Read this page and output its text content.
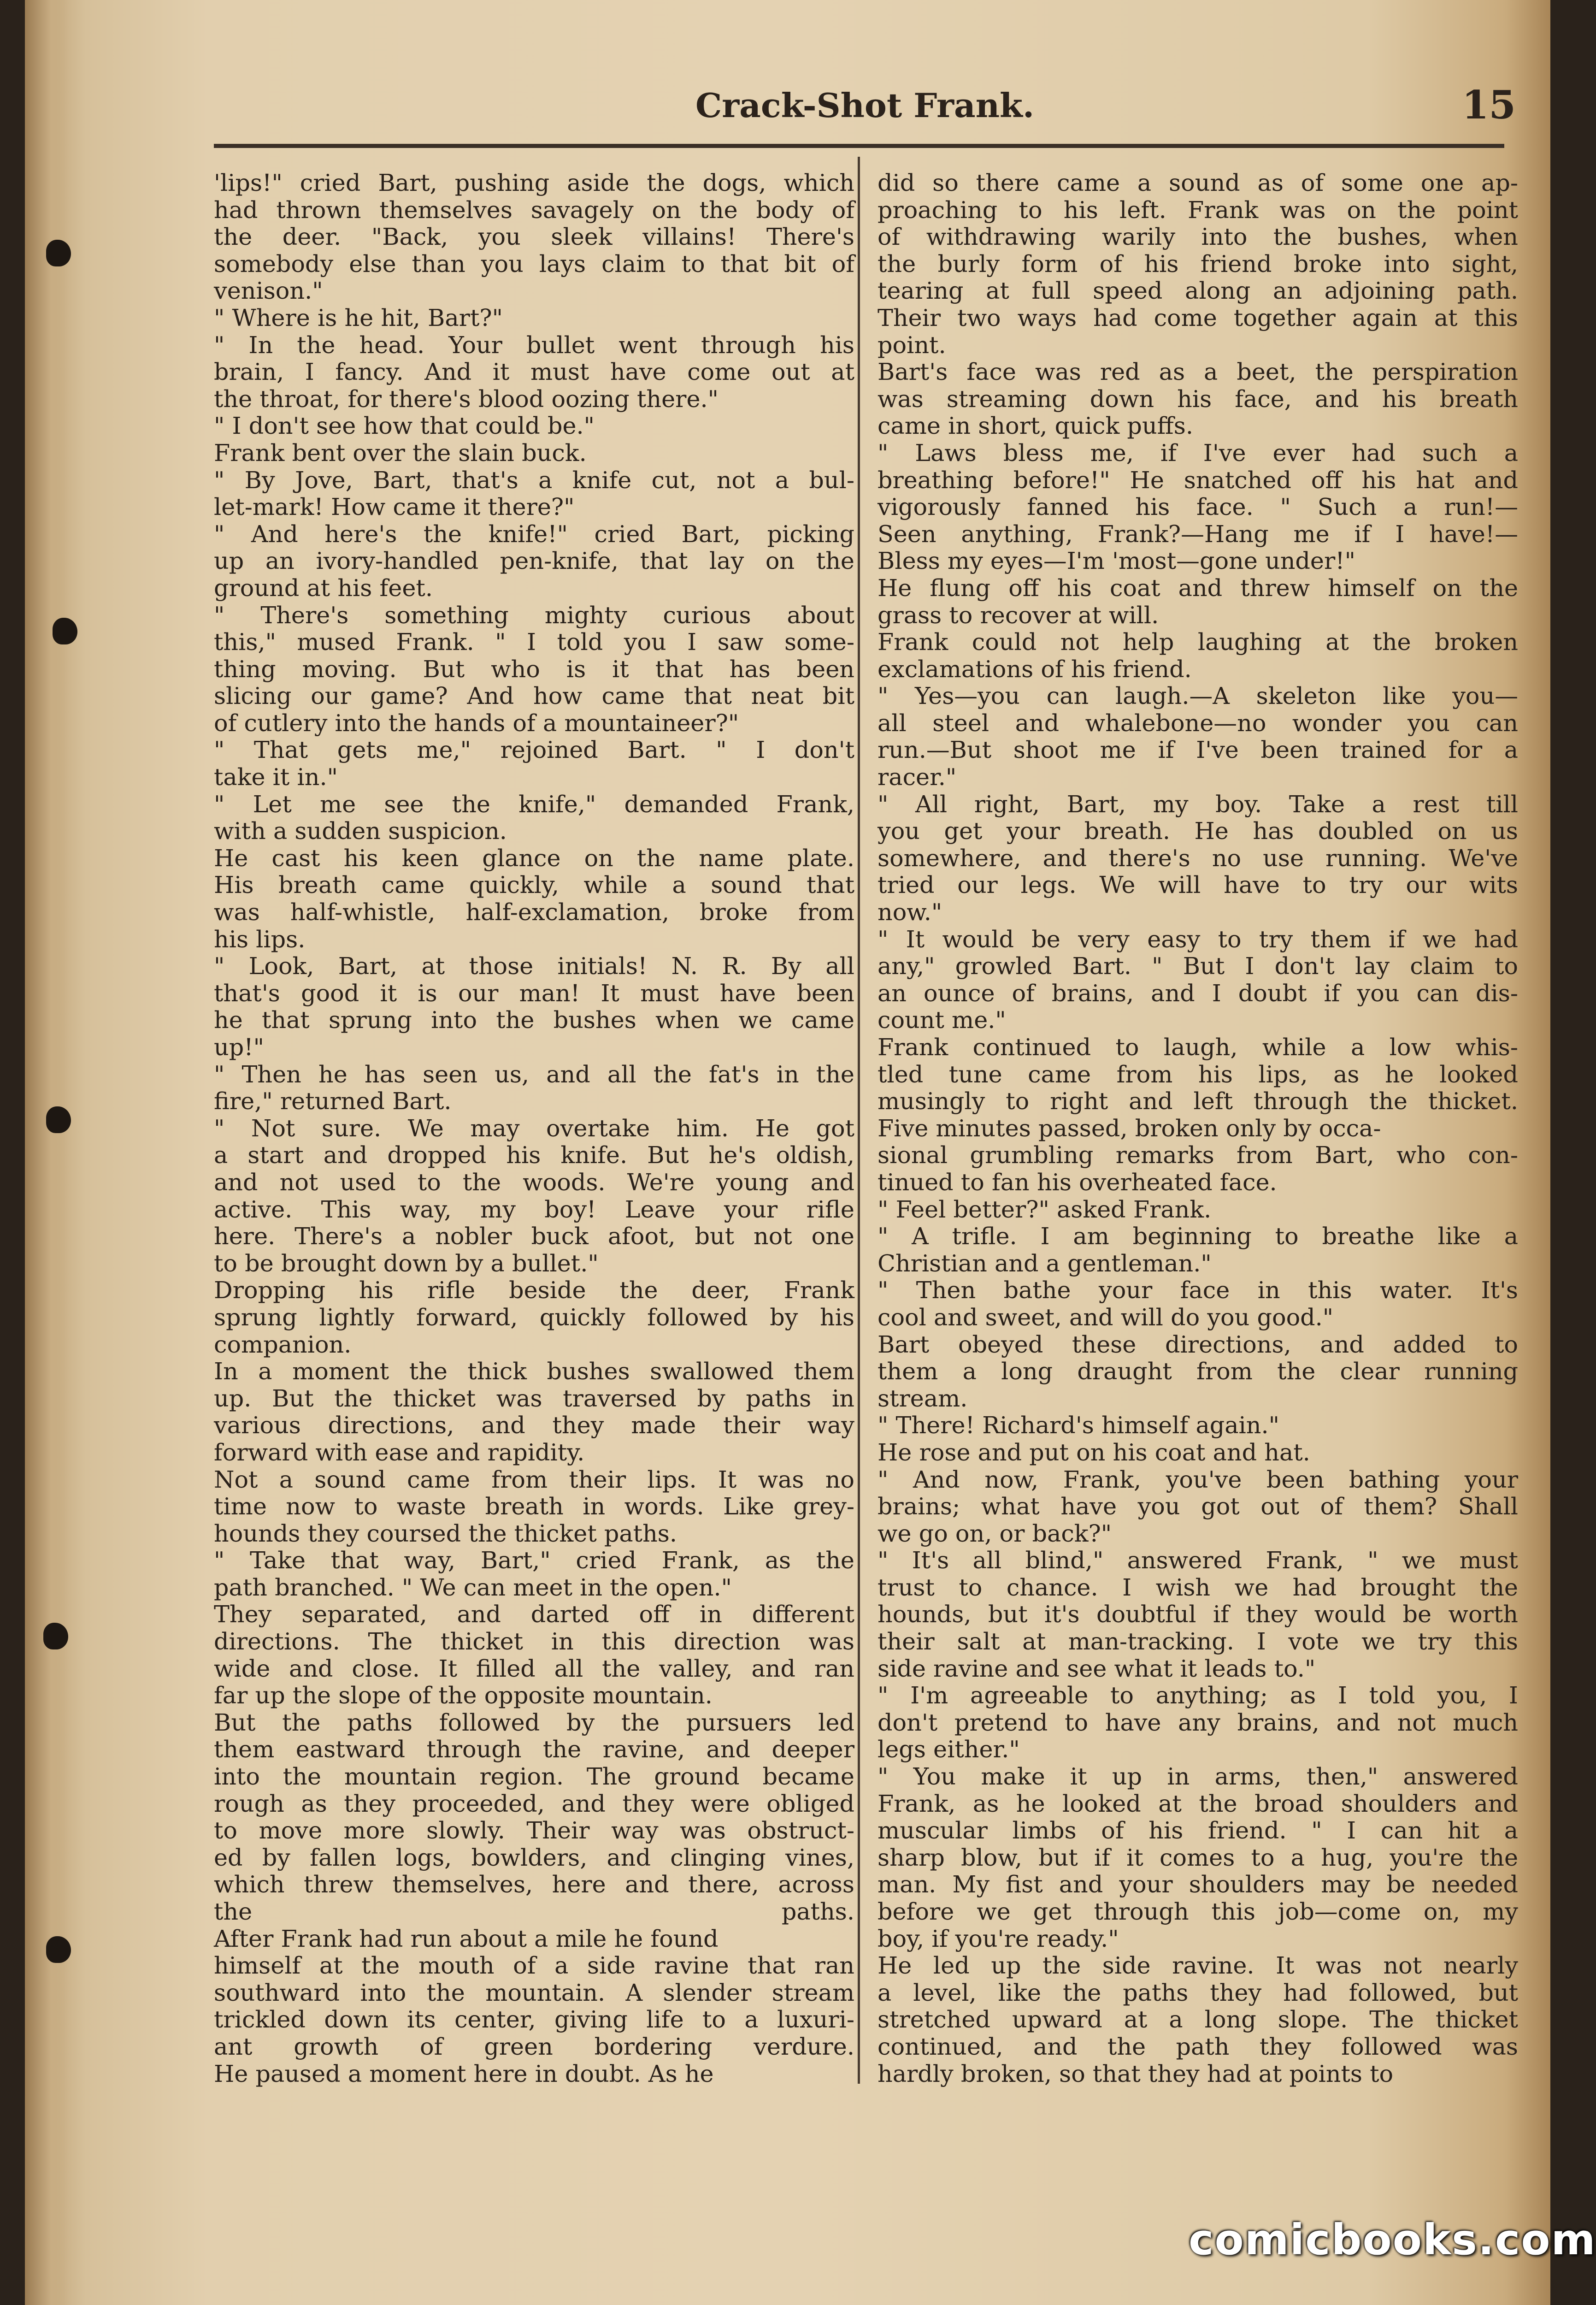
Crack-Shot Frank.	15
'lips!" cried Bart, pushing aside the dogs, which
had thrown themselves savagely on the body of
the deer. "Back, you sleek villains! There's
somebody else than you lays claim to that bit of
venison."
" Where is he hit, Bart?"
" In the head. Your bullet went through his
brain, I fancy. And it must have come out at
the throat, for there's blood oozing there."
" I don't see how that could be."
Frank bent over the slain buck.
" By Jove, Bart, that's a knife cut, not a bul-
let-mark! How came it there?"
" And here's the knife!" cried Bart, picking
up an ivory-handled pen-knife, that lay on the
ground at his feet.
" There's something mighty curious about
this," mused Frank. " I told you I saw some-
thing moving. But who is it that has been
slicing our game? And how came that neat bit
of cutlery into the hands of a mountaineer?"
" That gets me," rejoined Bart. " I don't
take it in."
" Let me see the knife," demanded Frank,
with a sudden suspicion.
He cast his keen glance on the name plate.
His breath came quickly, while a sound that
was half-whistle, half-exclamation, broke from
his lips.
" Look, Bart, at those initials! N. R. By all
that's good it is our man! It must have been
he that sprung into the bushes when we came
up!"
" Then he has seen us, and all the fat's in the
fire," returned Bart.
" Not sure. We may overtake him. He got
a start and dropped his knife. But he's oldish,
and not used to the woods. We're young and
active. This way, my boy! Leave your rifle
here. There's a nobler buck afoot, but not one
to be brought down by a bullet."
Dropping his rifle beside the deer, Frank
sprung lightly forward, quickly followed by his
companion.
In a moment the thick bushes swallowed them
up. But the thicket was traversed by paths in
various directions, and they made their way
forward with ease and rapidity.
Not a sound came from their lips. It was no
time now to waste breath in words. Like grey-
hounds they coursed the thicket paths.
" Take that way, Bart," cried Frank, as the
path branched. " We can meet in the open."
They separated, and darted off in different
directions. The thicket in this direction was
wide and close. It filled all the valley, and ran
far up the slope of the opposite mountain.
But the paths followed by the pursuers led
them eastward through the ravine, and deeper
into the mountain region. The ground became
rough as they proceeded, and they were obliged
to move more slowly. Their way was obstruct-
ed by fallen logs, bowlders, and clinging vines,
which threw themselves, here and there, across
the paths.
After Frank had run about a mile he found
himself at the mouth of a side ravine that ran
southward into the mountain. A slender stream
trickled down its center, giving life to a luxuri-
ant growth of green bordering verdure.
He paused a moment here in doubt. As he
did so there came a sound as of some one ap-
proaching to his left. Frank was on the point
of withdrawing warily into the bushes, when
the burly form of his friend broke into sight,
tearing at full speed along an adjoining path.
Their two ways had come together again at this
point.
Bart's face was red as a beet, the perspiration
was streaming down his face, and his breath
came in short, quick puffs.
" Laws bless me, if I've ever had such a
breathing before!" He snatched off his hat and
vigorously fanned his face. " Such a run!—
Seen anything, Frank?—Hang me if I have!—
Bless my eyes—I'm 'most—gone under!"
He flung off his coat and threw himself on the
grass to recover at will.
Frank could not help laughing at the broken
exclamations of his friend.
" Yes—you can laugh.—A skeleton like you—
all steel and whalebone—no wonder you can
run.—But shoot me if I've been trained for a
racer."
" All right, Bart, my boy. Take a rest till
you get your breath. He has doubled on us
somewhere, and there's no use running. We've
tried our legs. We will have to try our wits
now."
" It would be very easy to try them if we had
any," growled Bart. " But I don't lay claim to
an ounce of brains, and I doubt if you can dis-
count me."
Frank continued to laugh, while a low whis-
tled tune came from his lips, as he looked
musingly to right and left through the thicket.
Five minutes passed, broken only by occa-
sional grumbling remarks from Bart, who con-
tinued to fan his overheated face.
" Feel better?" asked Frank.
" A trifle. I am beginning to breathe like a
Christian and a gentleman."
" Then bathe your face in this water. It's
cool and sweet, and will do you good."
Bart obeyed these directions, and added to
them a long draught from the clear running
stream.
" There! Richard's himself again."
He rose and put on his coat and hat.
" And now, Frank, you've been bathing your
brains; what have you got out of them? Shall
we go on, or back?"
" It's all blind," answered Frank, " we must
trust to chance. I wish we had brought the
hounds, but it's doubtful if they would be worth
their salt at man-tracking. I vote we try this
side ravine and see what it leads to."
" I'm agreeable to anything; as I told you, I
don't pretend to have any brains, and not much
legs either."
" You make it up in arms, then," answered
Frank, as he looked at the broad shoulders and
muscular limbs of his friend. " I can hit a
sharp blow, but if it comes to a hug, you're the
man. My fist and your shoulders may be needed
before we get through this job—come on, my
boy, if you're ready."
He led up the side ravine. It was not nearly
a level, like the paths they had followed, but
stretched upward at a long slope. The thicket
continued, and the path they followed was
hardly broken, so that they had at points to
comicbooks.com
